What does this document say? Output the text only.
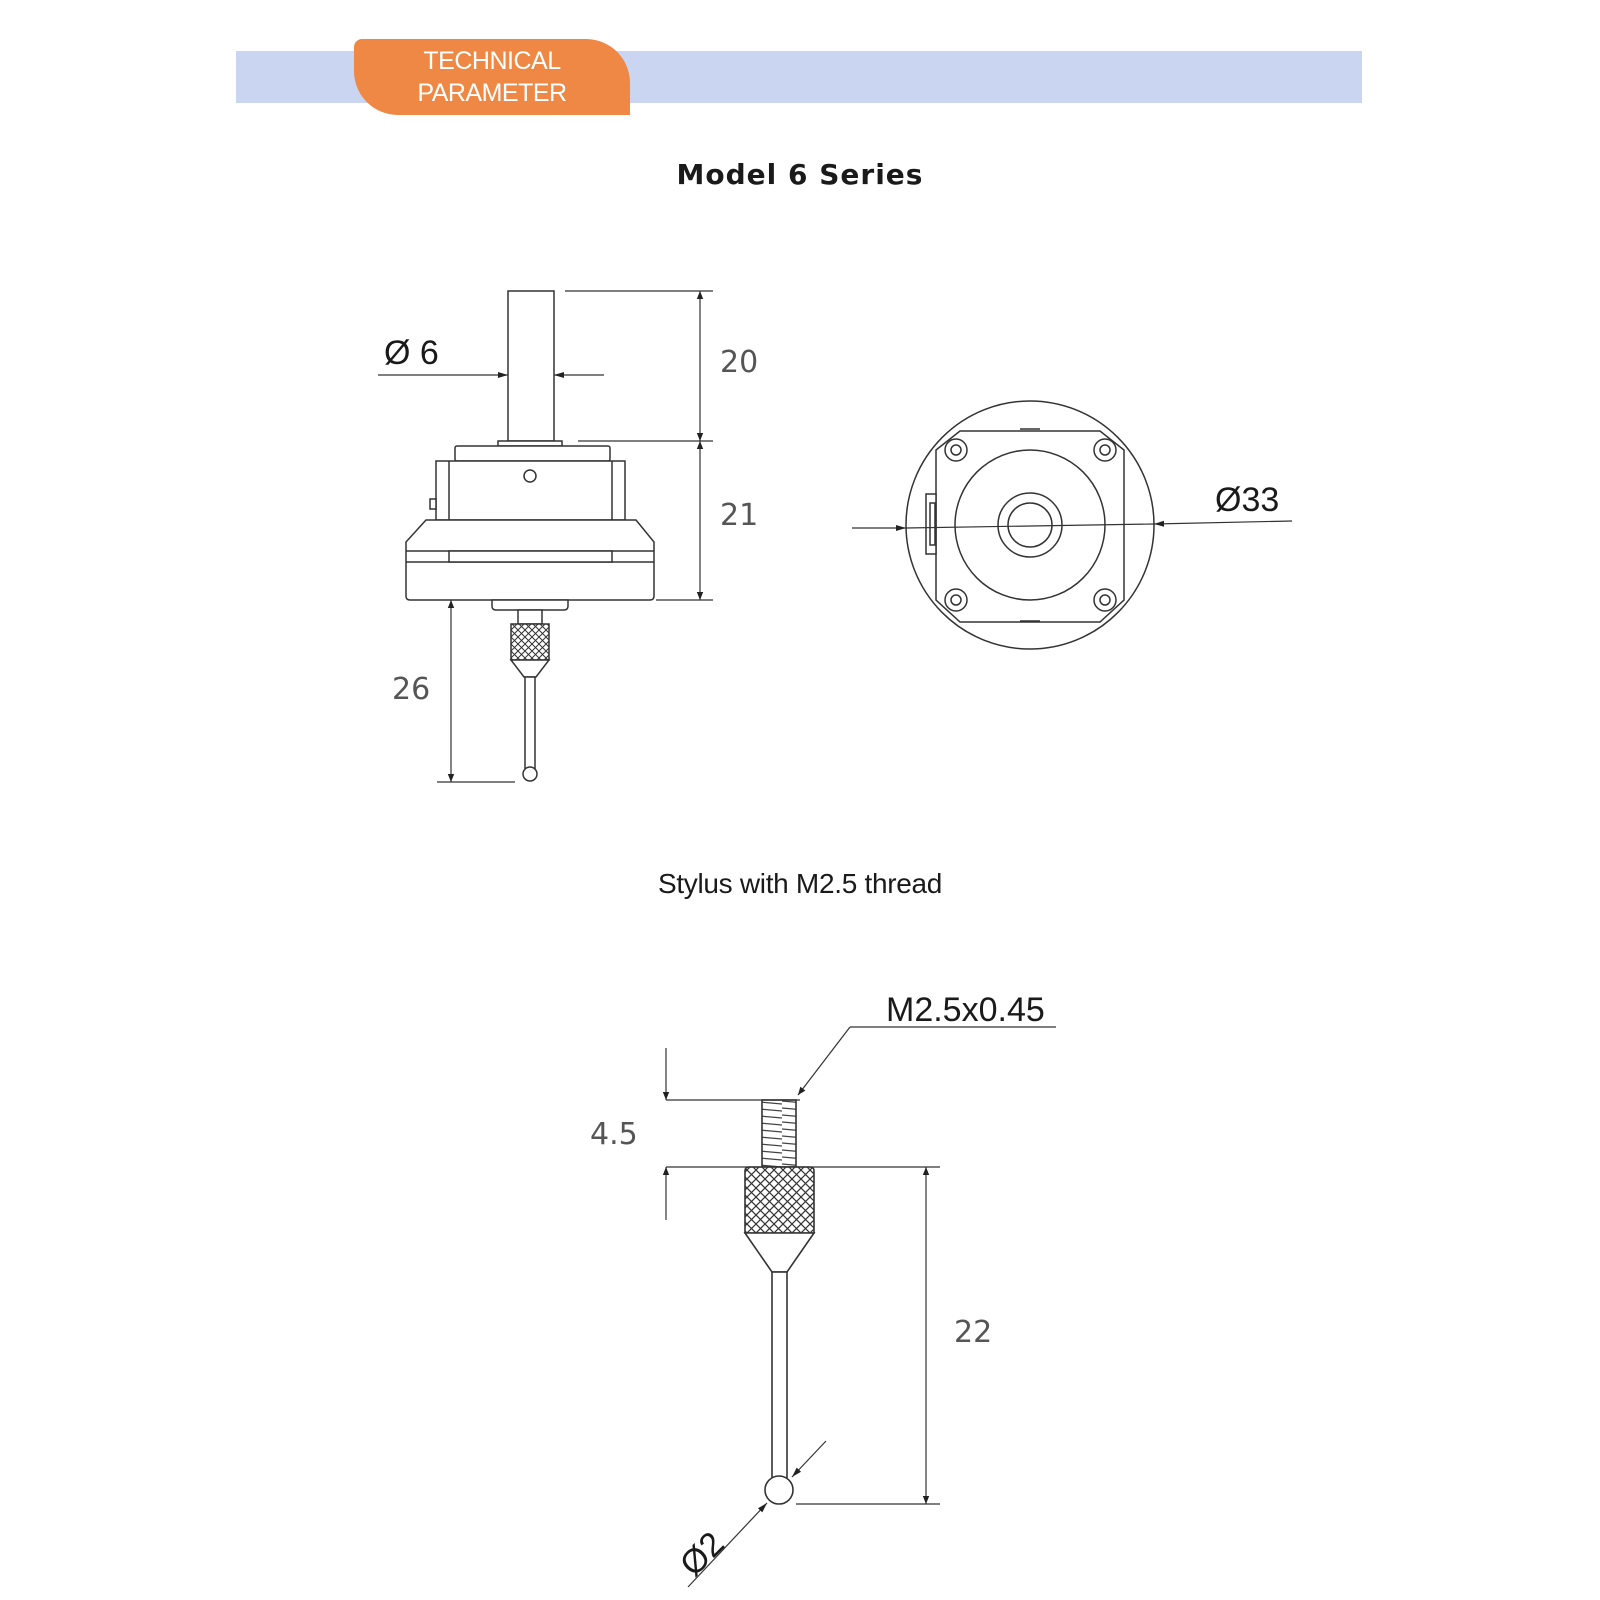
TECHNICAL
PARAMETER
Model 6 Series
Stylus with M2.5 thread
Ø 6	20
21
26
Ø33
M2.5x0.45
4.5
22
Ø2
